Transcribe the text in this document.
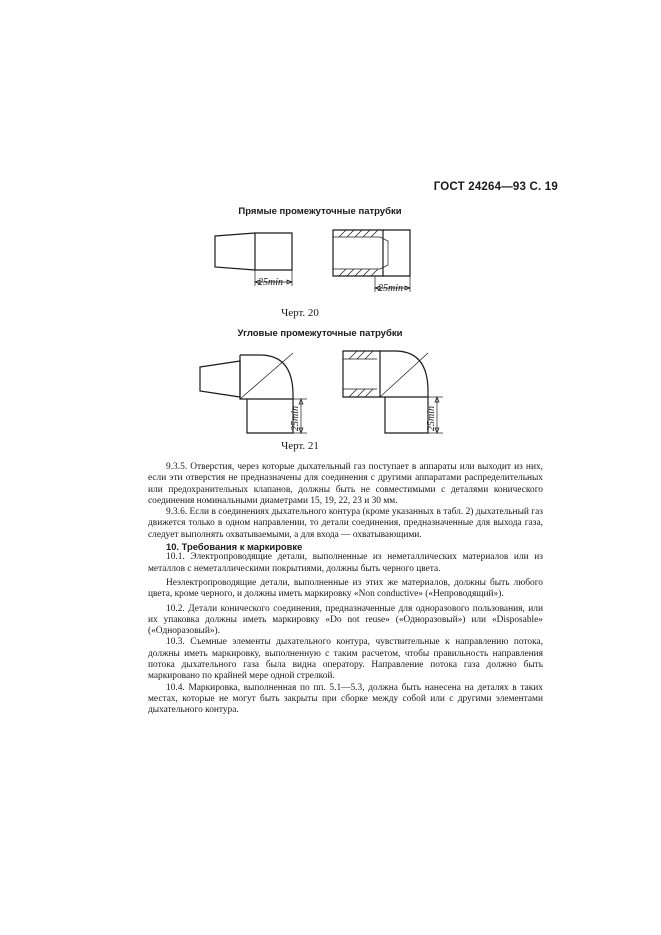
ГОСТ 24264—93 С. 19
Прямые промежуточные патрубки
25min
25min
Черт. 20
Угловые промежуточные патрубки
25min	25min
Черт. 21

9.3.5. Отверстия, через которые дыхательный газ поступает в аппараты или выходит из них, если эти отверстия не предназначены для соединения с другими аппаратами распределительных или предохранительных клапанов, должны быть не совместимыми с деталями конического соединения номинальными диаметрами 15, 19, 22, 23 и 30 мм.

9.3.6. Если в соединениях дыхательного контура (кроме указанных в табл. 2) дыхательный газ движется только в одном направлении, то детали соединения, предназначенные для выхода газа, следует выполнять охватываемыми, а для входа — охватывающими.

10. Требования к маркировке

10.1. Электропроводящие детали, выполненные из неметаллических материалов или из металлов с неметаллическими покрытиями, должны быть черного цвета.

Неэлектропроводящие детали, выполненные из этих же материалов, должны быть любого цвета, кроме черного, и должны иметь маркировку «Non conductive» («Непроводящий»).

10.2. Детали конического соединения, предназначенные для одноразового пользования, или их упаковка должны иметь маркировку «Do not reuse» («Одноразовый») или «Disposable» («Одноразовый»).

10.3. Съемные элементы дыхательного контура, чувствительные к направлению потока, должны иметь маркировку, выполненную с таким расчетом, чтобы правильность направления потока дыхательного газа была видна оператору. Направление потока газа должно быть маркировано по крайней мере одной стрелкой.

10.4. Маркировка, выполненная по пп. 5.1—5.3, должна быть нанесена на деталях в таких местах, которые не могут быть закрыты при сборке между собой или с другими элементами дыхательного контура.
